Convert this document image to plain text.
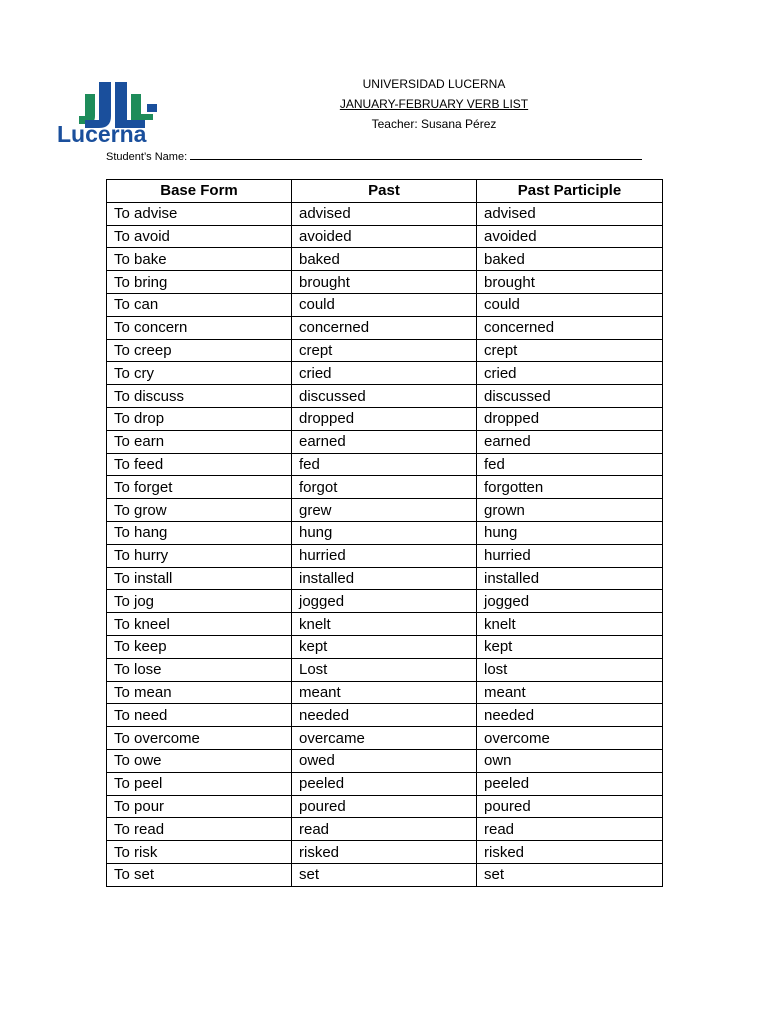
Lucerna
UNIVERSIDAD LUCERNA
JANUARY-FEBRUARY VERB LIST
Teacher: Susana Pérez
Student’s Name:
Base Form	Past	Past Participle
To advise	advised	advised
To avoid	avoided	avoided
To bake	baked	baked
To bring	brought	brought
To can	could	could
To concern	concerned	concerned
To creep	crept	crept
To cry	cried	cried
To discuss	discussed	discussed
To drop	dropped	dropped
To earn	earned	earned
To feed	fed	fed
To forget	forgot	forgotten
To grow	grew	grown
To hang	hung	hung
To hurry	hurried	hurried
To install	installed	installed
To jog	jogged	jogged
To kneel	knelt	knelt
To keep	kept	kept
To lose	Lost	lost
To mean	meant	meant
To need	needed	needed
To overcome	overcame	overcome
To owe	owed	own
To peel	peeled	peeled
To pour	poured	poured
To read	read	read
To risk	risked	risked
To set	set	set
